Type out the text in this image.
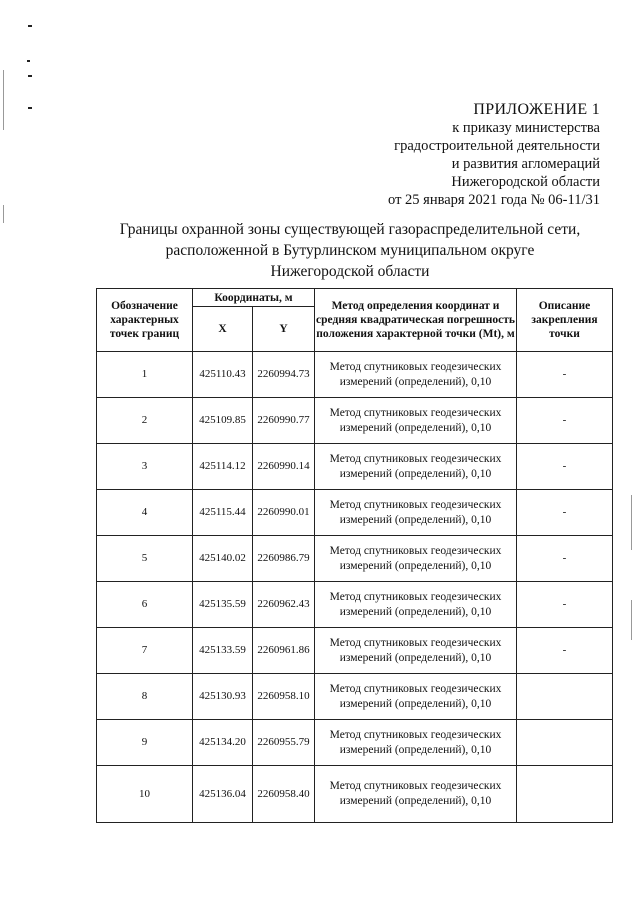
ПРИЛОЖЕНИЕ 1
к приказу министерства
градостроительной деятельности
и развития агломераций
Нижегородской области
от 25 января 2021 года № 06-11/31
Границы охранной зоны существующей газораспределительной сети,
расположенной в Бутурлинском муниципальном округе
Нижегородской области
Обозначение характерных точек границ	Координаты, м		Метод определения координат и средняя квадратическая погрешность положения характерной точки (Mt), м	Описание закрепления точки
	X	Y		
1	425110.43	2260994.73	Метод спутниковых геодезических измерений (определений), 0,10	-
2	425109.85	2260990.77	Метод спутниковых геодезических измерений (определений), 0,10	-
3	425114.12	2260990.14	Метод спутниковых геодезических измерений (определений), 0,10	-
4	425115.44	2260990.01	Метод спутниковых геодезических измерений (определений), 0,10	-
5	425140.02	2260986.79	Метод спутниковых геодезических измерений (определений), 0,10	-
6	425135.59	2260962.43	Метод спутниковых геодезических измерений (определений), 0,10	-
7	425133.59	2260961.86	Метод спутниковых геодезических измерений (определений), 0,10	-
8	425130.93	2260958.10	Метод спутниковых геодезических измерений (определений), 0,10	
9	425134.20	2260955.79	Метод спутниковых геодезических измерений (определений), 0,10	
10	425136.04	2260958.40	Метод спутниковых геодезических измерений (определений), 0,10	
